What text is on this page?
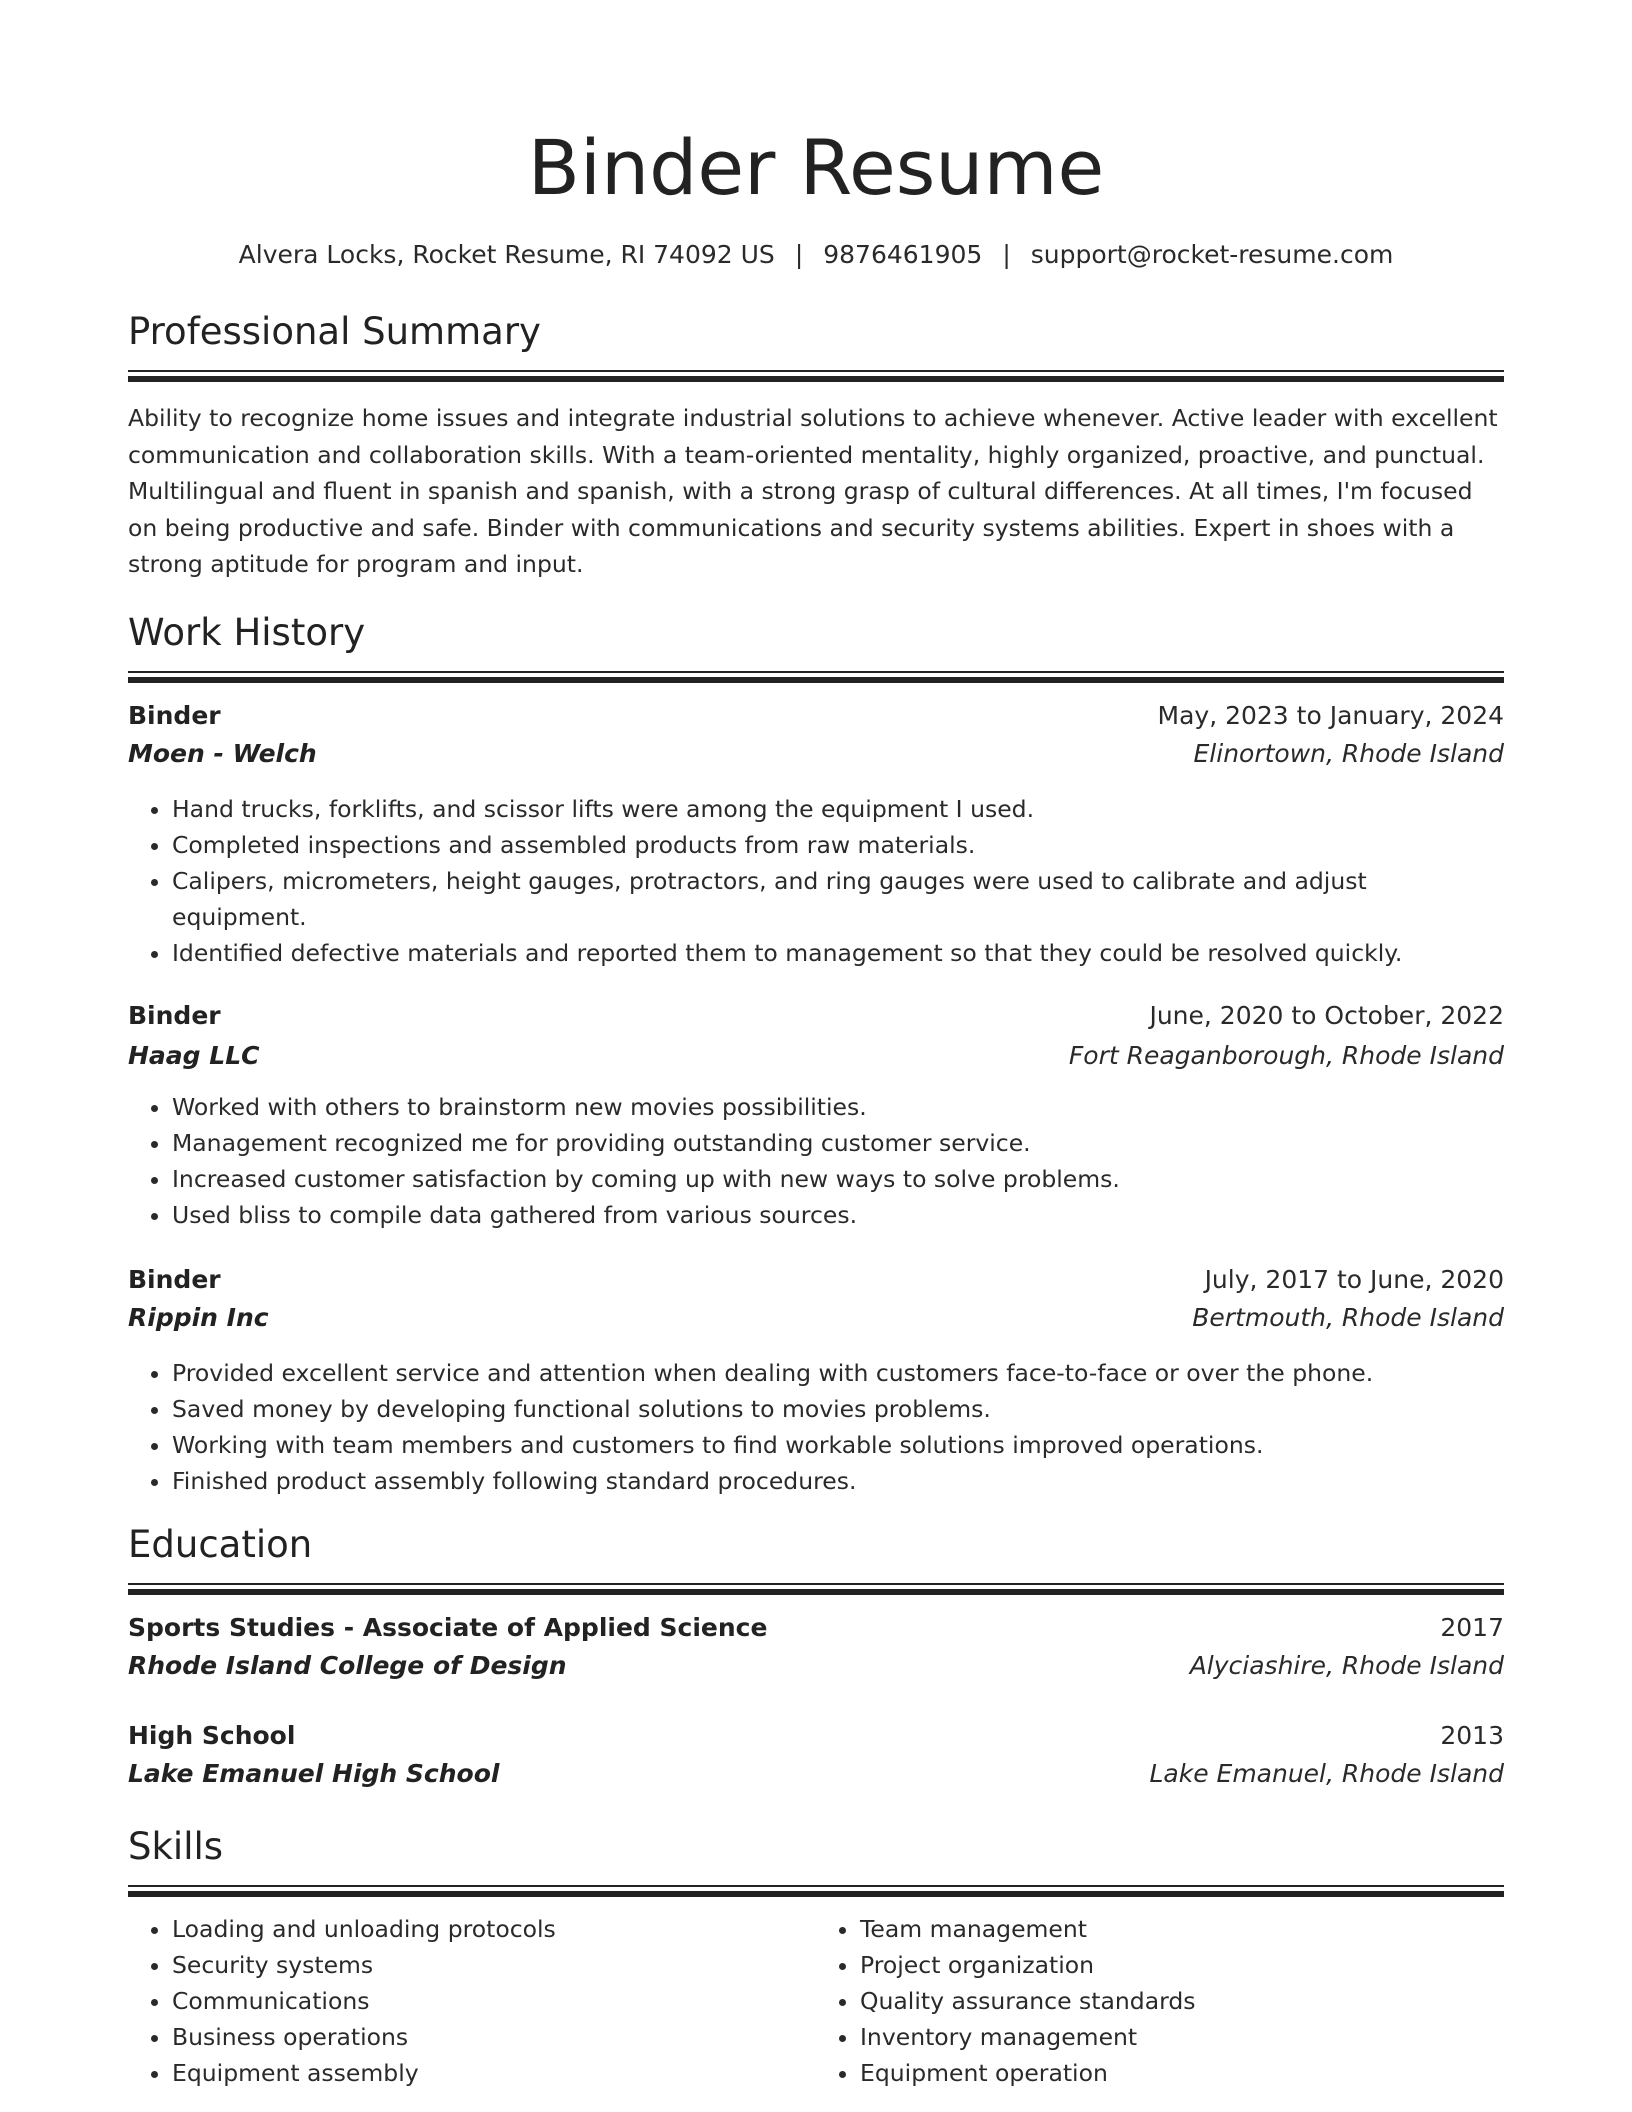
Binder Resume
Alvera Locks, Rocket Resume, RI 74092 US | 9876461905 | support@rocket-resume.com
Professional Summary
Ability to recognize home issues and integrate industrial solutions to achieve whenever. Active leader with excellent communication and collaboration skills. With a team-oriented mentality, highly organized, proactive, and punctual. Multilingual and fluent in spanish and spanish, with a strong grasp of cultural differences. At all times, I'm focused on being productive and safe. Binder with communications and security systems abilities. Expert in shoes with a strong aptitude for program and input.
Work History
Binder	May, 2023 to January, 2024
Moen - Welch	Elinortown, Rhode Island
• Hand trucks, forklifts, and scissor lifts were among the equipment I used.
• Completed inspections and assembled products from raw materials.
• Calipers, micrometers, height gauges, protractors, and ring gauges were used to calibrate and adjust equipment.
• Identified defective materials and reported them to management so that they could be resolved quickly.
Binder	June, 2020 to October, 2022
Haag LLC	Fort Reaganborough, Rhode Island
• Worked with others to brainstorm new movies possibilities.
• Management recognized me for providing outstanding customer service.
• Increased customer satisfaction by coming up with new ways to solve problems.
• Used bliss to compile data gathered from various sources.
Binder	July, 2017 to June, 2020
Rippin Inc	Bertmouth, Rhode Island
• Provided excellent service and attention when dealing with customers face-to-face or over the phone.
• Saved money by developing functional solutions to movies problems.
• Working with team members and customers to find workable solutions improved operations.
• Finished product assembly following standard procedures.
Education
Sports Studies - Associate of Applied Science	2017
Rhode Island College of Design	Alyciashire, Rhode Island
High School	2013
Lake Emanuel High School	Lake Emanuel, Rhode Island
Skills
• Loading and unloading protocols
• Security systems
• Communications
• Business operations
• Equipment assembly
• Team management
• Project organization
• Quality assurance standards
• Inventory management
• Equipment operation
